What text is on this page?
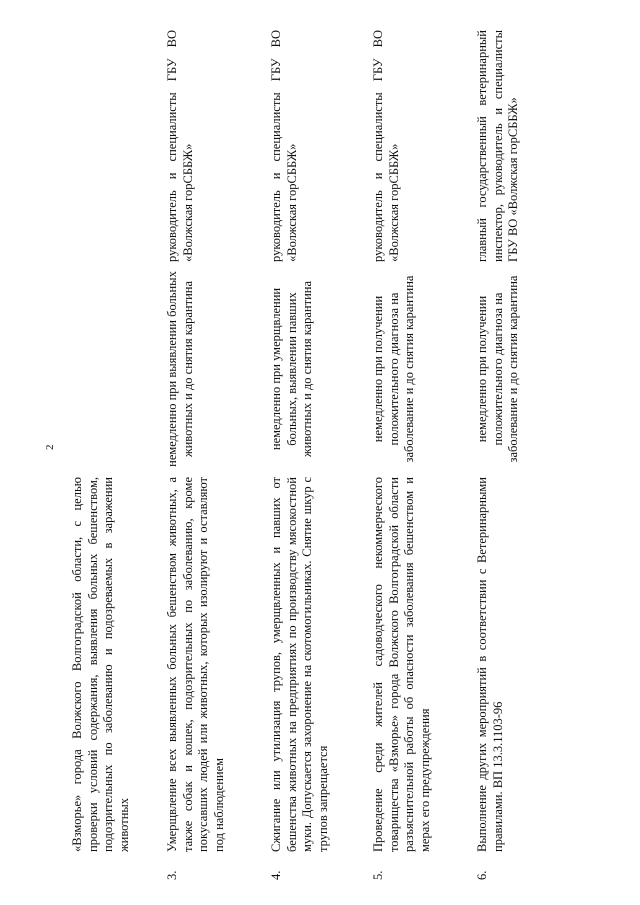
2
«Взморье» города Волжского Волгоградской области, с целью проверки условий содержания, выявления больных бешенством, подозрительных по заболеванию и подозреваемых в заражении животных
3.
Умерщвление всех выявленных больных бешенством животных, а также собак и кошек, подозрительных по заболеванию, кроме покусавших людей или животных, которых изолируют и оставляют под наблюдением
немедленно при выявлении больных животных и до снятия карантина
руководитель и специалисты ГБУ ВО «Волжская горСББЖ»
4.
Сжигание или утилизация трупов, умерщвленных и павших от бешенства животных на предприятиях по производству мясокостной муки. Допускается захоронение на скотомогильниках. Снятие шкур с трупов запрещается
немедленно при умерщвлении больных, выявлении павших животных и до снятия карантина
руководитель и специалисты ГБУ ВО «Волжская горСББЖ»
5.
Проведение среди жителей садоводческого некоммерческого товарищества «Взморье» города Волжского Волгоградской области разъяснительной работы об опасности заболевания бешенством и мерах его предупреждения
немедленно при получении положительного диагноза на заболевание и до снятия карантина
руководитель и специалисты ГБУ ВО «Волжская горСББЖ»
6.
Выполнение других мероприятий в соответствии с Ветеринарными правилами. ВП 13.3.1103-96
немедленно при получении положительного диагноза на заболевание и до снятия карантина
главный государственный ветеринарный инспектор, руководитель и специалисты ГБУ ВО «Волжская горСББЖ»
